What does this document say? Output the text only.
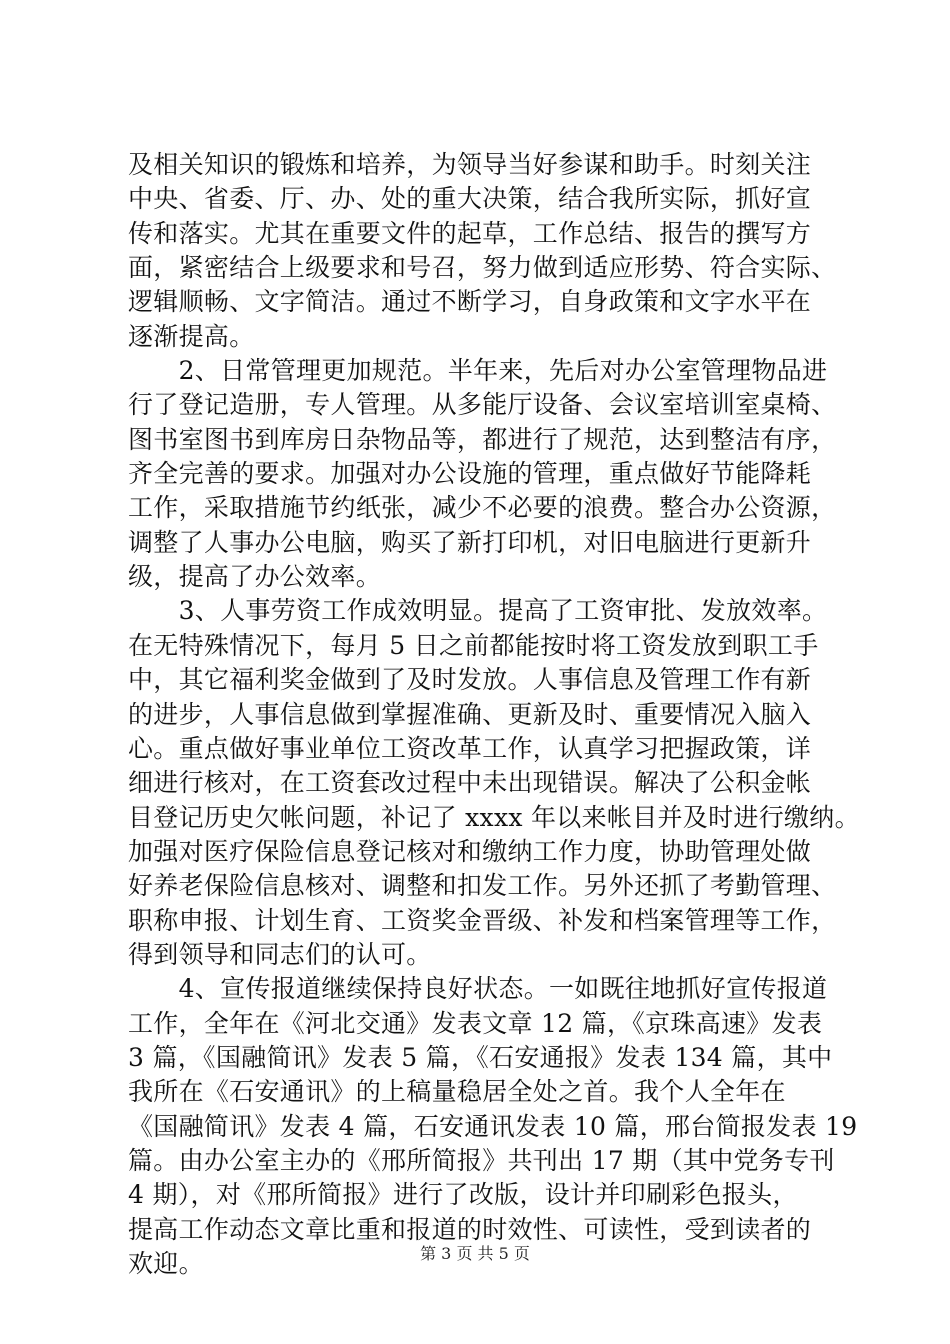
及相关知识的锻炼和培养，为领导当好参谋和助手。时刻关注
中央、省委、厅、办、处的重大决策，结合我所实际，抓好宣
传和落实。尤其在重要文件的起草，工作总结、报告的撰写方
面，紧密结合上级要求和号召，努力做到适应形势、符合实际、
逻辑顺畅、文字简洁。通过不断学习，自身政策和文字水平在
逐渐提高。
　　2、日常管理更加规范。半年来，先后对办公室管理物品进
行了登记造册，专人管理。从多能厅设备、会议室培训室桌椅、
图书室图书到库房日杂物品等，都进行了规范，达到整洁有序，
齐全完善的要求。加强对办公设施的管理，重点做好节能降耗
工作，采取措施节约纸张，减少不必要的浪费。整合办公资源，
调整了人事办公电脑，购买了新打印机，对旧电脑进行更新升
级，提高了办公效率。
　　3、人事劳资工作成效明显。提高了工资审批、发放效率。
在无特殊情况下，每月 5 日之前都能按时将工资发放到职工手
中，其它福利奖金做到了及时发放。人事信息及管理工作有新
的进步，人事信息做到掌握准确、更新及时、重要情况入脑入
心。重点做好事业单位工资改革工作，认真学习把握政策，详
细进行核对，在工资套改过程中未出现错误。解决了公积金帐
目登记历史欠帐问题，补记了 xxxx 年以来帐目并及时进行缴纳。
加强对医疗保险信息登记核对和缴纳工作力度，协助管理处做
好养老保险信息核对、调整和扣发工作。另外还抓了考勤管理、
职称申报、计划生育、工资奖金晋级、补发和档案管理等工作，
得到领导和同志们的认可。
　　4、宣传报道继续保持良好状态。一如既往地抓好宣传报道
工作，全年在《河北交通》发表文章 12 篇，《京珠高速》发表
3 篇，《国融简讯》发表 5 篇，《石安通报》发表 134 篇，其中
我所在《石安通讯》的上稿量稳居全处之首。我个人全年在
《国融简讯》发表 4 篇，石安通讯发表 10 篇，邢台简报发表 19
篇。由办公室主办的《邢所简报》共刊出 17 期（其中党务专刊
4 期），对《邢所简报》进行了改版，设计并印刷彩色报头，
提高工作动态文章比重和报道的时效性、可读性，受到读者的
欢迎。	第 3 页 共 5 页
